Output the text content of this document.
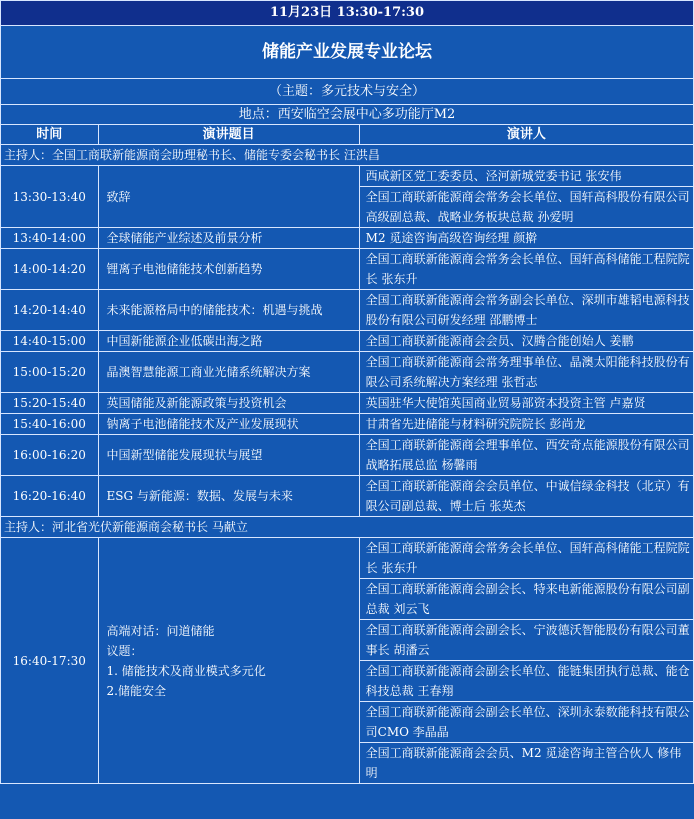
11月23日 13:30-17:30		
储能产业发展专业论坛		
（主题：多元技术与安全）		
地点：西安临空会展中心多功能厅M2		
时间	演讲题目	演讲人
主持人：全国工商联新能源商会助理秘书长、储能专委会秘书长 汪洪昌		
13:30-13:40	致辞	西咸新区党工委委员、泾河新城党委书记 张安伟
		全国工商联新能源商会常务会长单位、国轩高科股份有限公司高级副总裁、战略业务板块总裁 孙爱明
13:40-14:00	全球储能产业综述及前景分析	M2 觅途咨询高级咨询经理 颜擀
14:00-14:20	锂离子电池储能技术创新趋势	全国工商联新能源商会常务会长单位、国轩高科储能工程院院长 张东升
14:20-14:40	未来能源格局中的储能技术：机遇与挑战	全国工商联新能源商会常务副会长单位、深圳市雄韬电源科技股份有限公司研发经理 邵鹏博士
14:40-15:00	中国新能源企业低碳出海之路	全国工商联新能源商会会员、汉腾合能创始人 姜鹏
15:00-15:20	晶澳智慧能源工商业光储系统解决方案	全国工商联新能源商会常务理事单位、晶澳太阳能科技股份有限公司系统解决方案经理 张哲志
15:20-15:40	英国储能及新能源政策与投资机会	英国驻华大使馆英国商业贸易部资本投资主管 卢嘉贤
15:40-16:00	钠离子电池储能技术及产业发展现状	甘肃省先进储能与材料研究院院长 彭尚龙
16:00-16:20	中国新型储能发展现状与展望	全国工商联新能源商会理事单位、西安奇点能源股份有限公司战略拓展总监 杨馨雨
16:20-16:40	ESG 与新能源：数据、发展与未来	全国工商联新能源商会会员单位、中诚信绿金科技（北京）有限公司副总裁、博士后 张英杰
主持人：河北省光伏新能源商会秘书长 马献立		
16:40-17:30	高端对话：问道储能
议题：
1. 储能技术及商业模式多元化
2.储能安全	全国工商联新能源商会常务会长单位、国轩高科储能工程院院长 张东升
		全国工商联新能源商会副会长、特来电新能源股份有限公司副总裁 刘云飞
		全国工商联新能源商会副会长、宁波德沃智能股份有限公司董事长 胡潘云
		全国工商联新能源商会副会长单位、能链集团执行总裁、能仓科技总裁 王春翔
		全国工商联新能源商会副会长单位、深圳永泰数能科技有限公司CMO 李晶晶
		全国工商联新能源商会会员、M2 觅途咨询主管合伙人 修伟明
